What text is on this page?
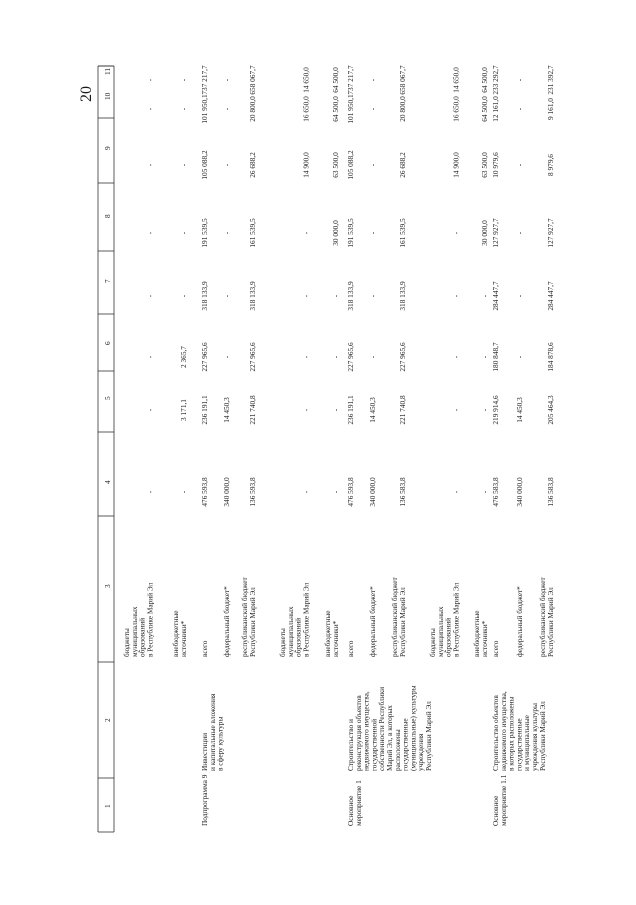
20
1
2
3
4
5
6
7
8
9
10
11
бюджеты
муниципальных
образований
в Республике Марий Эл
-
-
-
-
-
-
-
-
внебюджетные
источники*
-
3 171,1
2 365,7
-
-
-
-
-
Подпрограмма 9
Инвестиции
и капитальные вложения
в сферу культуры
всего
476 593,8
236 191,1
227 965,6
318 133,9
191 539,5
105 088,2
101 950,1
737 217,7
федеральный бюджет*
340 000,0
14 450,3
-
-
-
-
-
-
республиканский бюджет
Республики Марий Эл
136 593,8
221 740,8
227 965,6
318 133,9
161 539,5
26 688,2
20 800,0
658 067,7
бюджеты
муниципальных
образований
в Республике Марий Эл
-
-
-
-
-
14 900,0
16 650,0
14 650,0
внебюджетные
источники*
-
-
-
-
30 000,0
63 500,0
64 500,0
64 500,0
Основное
мероприятие 1
Строительство и
реконструкция объектов
недвижимого имущества,
государственной
собственности Республики
Марий Эл, в которых
расположены
государственные
(муниципальные) культуры
учреждения
Республики Марий Эл
всего
476 593,8
236 191,1
227 965,6
318 133,9
191 539,5
105 088,2
101 950,1
737 217,7
федеральный бюджет*
340 000,0
14 450,3
-
-
-
-
-
-
республиканский бюджет
Республики Марий Эл
136 583,8
221 740,8
227 965,6
318 133,9
161 539,5
26 688,2
20 800,0
658 067,7
бюджеты
муниципальных
образований
в Республике Марий Эл
-
-
-
-
-
14 900,0
16 650,0
14 650,0
внебюджетные
источники*
-
-
-
-
30 000,0
63 500,0
64 500,0
64 500,0
Основное
мероприятие 1.1
Строительство объектов
недвижимого имущества,
в которых расположены
государственные
и муниципальные
учреждения культуры
Республики Марий Эл
всего
476 583,8
219 914,6
180 848,7
284 447,7
127 927,7
10 979,6
12 161,0
233 292,7
федеральный бюджет*
340 000,0
14 450,3
-
-
-
-
-
-
республиканский бюджет
Республики Марий Эл
136 583,8
205 464,3
184 878,6
284 447,7
127 927,7
8 979,6
9 161,0
231 392,7
